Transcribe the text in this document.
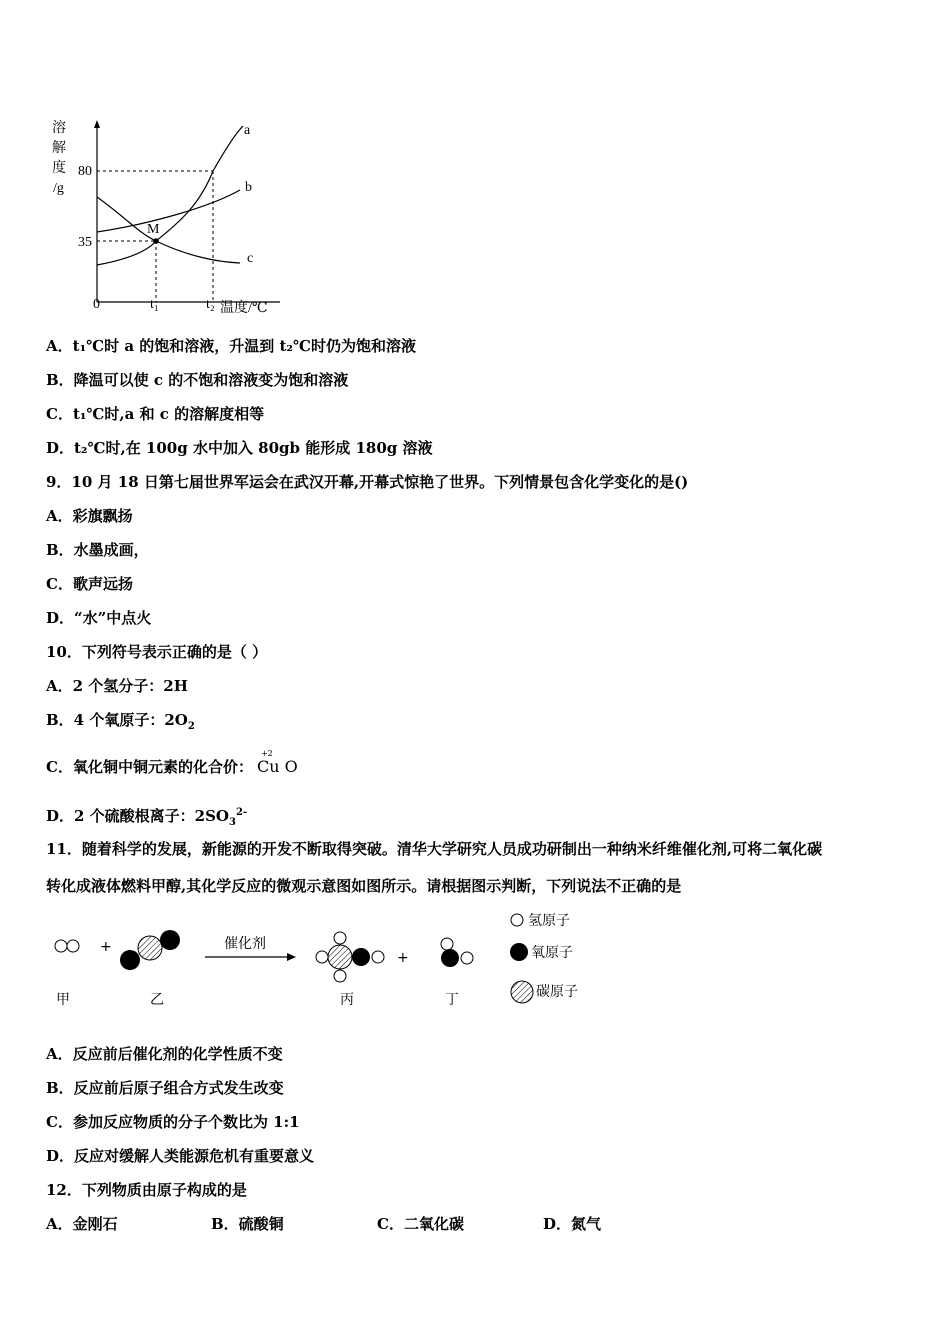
溶
解
度
/g
80
35
0	t₁	t₂ 温度/℃
a
b
c
M
A．t₁℃时 a 的饱和溶液，升温到 t₂℃时仍为饱和溶液
B．降温可以使 c 的不饱和溶液变为饱和溶液
C．t₁℃时,a 和 c 的溶解度相等
D．t₂℃时,在 100g 水中加入 80gb 能形成 180g 溶液
9．10 月 18 日第七届世界军运会在武汉开幕,开幕式惊艳了世界。下列情景包含化学变化的是()
A．彩旗飘扬
B．水墨成画，
C．歌声远扬
D．“水”中点火
10．下列符号表示正确的是（ ）
A．2 个氢分子：2H
B．4 个氧原子：$2O_2$
C．氧化铜中铜元素的化合价：
+2
Cu O
D．2 个硫酸根离子：$2SO_3^{2-}$
11．随着科学的发展，新能源的开发不断取得突破。清华大学研究人员成功研制出一种纳米纤维催化剂,可将二氧化碳
转化成液体燃料甲醇,其化学反应的微观示意图如图所示。请根据图示判断，下列说法不正确的是
+	催化剂
+
甲	乙	丙	丁
氢原子
氧原子
碳原子
A．反应前后催化剂的化学性质不变
B．反应前后原子组合方式发生改变
C．参加反应物质的分子个数比为 1:1
D．反应对缓解人类能源危机有重要意义
12．下列物质由原子构成的是
A．金刚石	B．硫酸铜	C．二氧化碳	D．氮气
